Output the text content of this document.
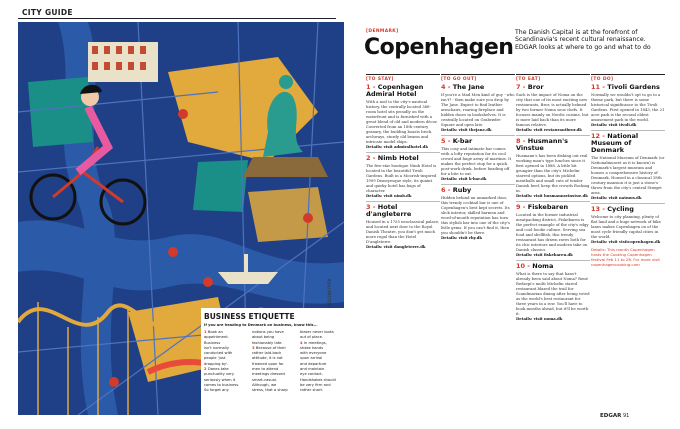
CITY GUIDE
BUSINESS ETIQUETTE
If you are heading to Denmark on business, know this...
1 Book an
appointment.
Business
isn't normally
conducted with
people 'just
dropping by'.
2 Danes take
punctuality very
seriously when it
comes to business.
So forget any
notions you have
about being
fashionably late.
3 Because of their
rather laid-back
attitude, it is not
frowned upon for
men to attend
meetings dressed
smart-casual.
Although, we
stress, that a sharp
blazer never looks
out of place.
4 In meetings,
shake hands
with everyone
upon arrival
and departure
and maintain
eye contact.
Handshakes should
be very firm and
rather short.
[DENMARK]
Copenhagen
The Danish Capital is at the forefront of Scandinavia's recent cultural renaissance. EDGAR looks at where to go and what to do
[TO STAY]
1 - Copenhagen Admiral Hotel
With a nod to the city's nautical history, the centrally located 366-room hotel sits proudly on the waterfront and is furnished with a great blend of old and modern décor. Converted from an 18th-century granary, the building boasts brick archways, sturdy old beams and intricate model ships.
Details: visit admiralhotel.dk
2 - Nimb Hotel
The five-star boutique Nimb Hotel is located in the beautiful Tivoli Gardens. Built in a Moorish-inspired 1909 Disneyesque style, its quaint and quirky hotel has bags of character.
Details: visit nimb.dk
3 - Hotel d'angleterre
Housed in a 1755 neoclassical palace, and located next door to the Royal Danish Theatre, you don't get much more regal than the Hotel D'angleterre.
Details: visit dangleterre.dk
[TO GO OUT]
4 - The Jane
If you're a Mad Men kind of guy - who isn't? - then make sure you drop by The Jane. Expect to find leather armchairs, roaring fireplace and hidden doors in bookshelves. It is centrally located on Grabrødre Square and open late.
Details: visit thejane.dk
5 - K-bar
This cosy and intimate bar comes with a lofty reputation for its cool crowd and huge array of martinis. It makes the perfect stop for a quick post-work drink, before heading off for a bite to eat.
Details: visit k-bar.dk
6 - Ruby
Hidden behind an unmarked door, this trendy cocktail bar is one of Copenhagen's best kept secrets. Its slick interior, skilled barmen and word-of-mouth reputation has turn this stylish bar into one of the city's little gems. If you can't find it, then you shouldn't be there.
Details: visit rby.dk
[TO EAT]
7 - Bror
Such is the impact of Noma on the city that one of its most exciting new restaurants, Bror, is actually helmed by two former Noma sous chefs. It focuses mainly on Nordic cuisine, but is more laid back than its more famous relative.
Details: visit restaurantbror.dk
8 - Husmann's Vinstue
Husmann's has been dishing out real working man's type lunches since it first opened in 1888. A little bit grungier than the city's Michelin-starred options, but its pickled meatballs and small cuts of tender Danish beef, keep the crowds flocking in.
Details: visit husmannsvinstue.dk
9 - Fiskebaren
Located in the former industrial meatpacking district, Fiskebaren is the perfect example of the city's edgy and cool foodie culture. Serving sea food and shellfish, this trendy restaurant has drawn raves both for its chic interiors and modern take on Danish classics.
Details: visit fiskebaren.dk
10 - Noma
What is there to say that hasn't already been said about Noma? René Redzepi's multi Michelin stared restaurant blazed the trail for Scandinavian dining after being voted as the world's best restaurant for three years in a row. You'll have to book months ahead, but it'll be worth it.
Details: visit noma.dk
[TO DO]
11 - Tivoli Gardens
Normally we wouldn't opt to go to a theme park, but there is some historical significance to the Tivoli Gardens. First opened in 1843, the 21 acre park is the second oldest amusement park in the world.
Details: visit tivoli.dk
12 - National Museum of Denmark
The National Museum of Denmark (or Nationalmuseet as it is known) is Denmark's largest museum and houses a comprehensive history of Denmark. Housed in a classical 18th century mansion it is just a stone's throw from the city's central Strøget area.
Details: visit natmus.dk
13 - Cycling
Welcome to city planning, plenty of flat land and a huge network of bike lanes makes Copenhagen on of the most cycle friendly capital cities in the world.
Details: visit visitcopenhagen.dk
Details: This month Copenhagen hosts the Cooking Copenhagen festival Feb 11 to 28. For more visit copenhagencooking.com
EDGAR 91
